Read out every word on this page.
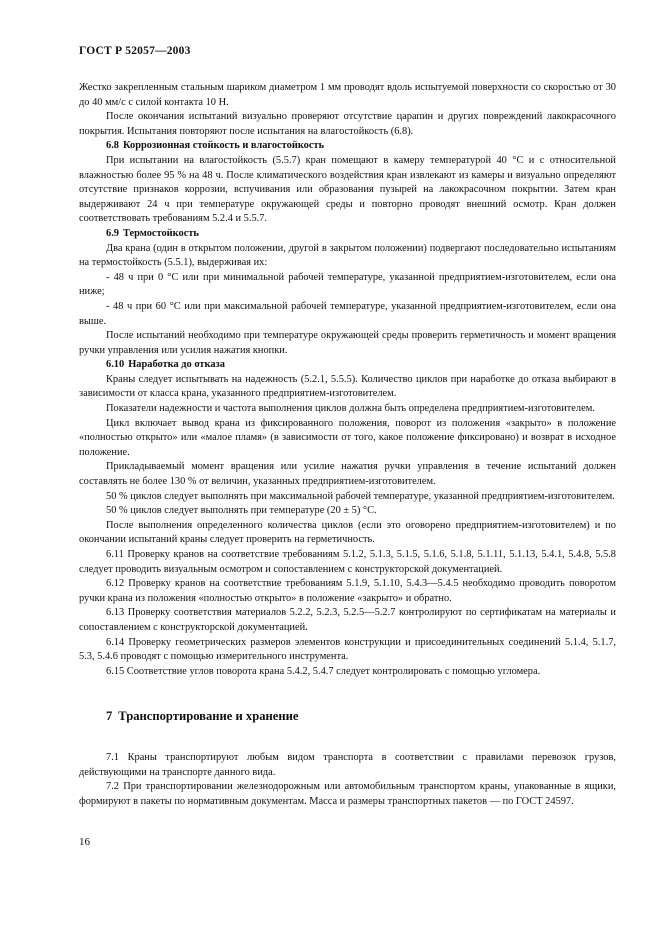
ГОСТ Р 52057—2003

Жестко закрепленным стальным шариком диаметром 1 мм проводят вдоль испытуемой поверхности со скоростью от 30 до 40 мм/с с силой контакта 10 Н.

После окончания испытаний визуально проверяют отсутствие царапин и других повреждений лакокрасочного покрытия. Испытания повторяют после испытания на влагостойкость (6.8).

6.8 Коррозионная стойкость и влагостойкость

При испытании на влагостойкость (5.5.7) кран помещают в камеру температурой 40 °С и с относительной влажностью более 95 % на 48 ч. После климатического воздействия кран извлекают из камеры и визуально определяют отсутствие признаков коррозии, вспучивания или образования пузырей на лакокрасочном покрытии. Затем кран выдерживают 24 ч при температуре окружающей среды и повторно проводят внешний осмотр. Кран должен соответствовать требованиям 5.2.4 и 5.5.7.

6.9 Термостойкость

Два крана (один в открытом положении, другой в закрытом положении) подвергают последовательно испытаниям на термостойкость (5.5.1), выдерживая их:

- 48 ч при 0 °С или при минимальной рабочей температуре, указанной предприятием-изготовителем, если она ниже;

- 48 ч при 60 °С или при максимальной рабочей температуре, указанной предприятием-изготовителем, если она выше.

После испытаний необходимо при температуре окружающей среды проверить герметичность и момент вращения ручки управления или усилия нажатия кнопки.

6.10 Наработка до отказа

Краны следует испытывать на надежность (5.2.1, 5.5.5). Количество циклов при наработке до отказа выбирают в зависимости от класса крана, указанного предприятием-изготовителем.

Показатели надежности и частота выполнения циклов должна быть определена предприятием-изготовителем.

Цикл включает вывод крана из фиксированного положения, поворот из положения «закрыто» в положение «полностью открыто» или «малое пламя» (в зависимости от того, какое положение фиксировано) и возврат в исходное положение.

Прикладываемый момент вращения или усилие нажатия ручки управления в течение испытаний должен составлять не более 130 % от величин, указанных предприятием-изготовителем.

50 % циклов следует выполнять при максимальной рабочей температуре, указанной предприятием-изготовителем.

50 % циклов следует выполнять при температуре (20 ± 5) °С.

После выполнения определенного количества циклов (если это оговорено предприятием-изготовителем) и по окончании испытаний краны следует проверить на герметичность.

6.11 Проверку кранов на соответствие требованиям 5.1.2, 5.1.3, 5.1.5, 5.1.6, 5.1.8, 5.1.11, 5.1.13, 5.4.1, 5.4.8, 5.5.8 следует проводить визуальным осмотром и сопоставлением с конструкторской документацией.

6.12 Проверку кранов на соответствие требованиям 5.1.9, 5.1.10, 5.4.3—5.4.5 необходимо проводить поворотом ручки крана из положения «полностью открыто» в положение «закрыто» и обратно.

6.13 Проверку соответствия материалов 5.2.2, 5.2.3, 5.2.5—5.2.7 контролируют по сертификатам на материалы и сопоставлением с конструкторской документацией.

6.14 Проверку геометрических размеров элементов конструкции и присоединительных соединений 5.1.4, 5.1.7, 5.3, 5.4.6 проводят с помощью измерительного инструмента.

6.15 Соответствие углов поворота крана 5.4.2, 5.4.7 следует контролировать с помощью угломера.

7 Транспортирование и хранение

7.1 Краны транспортируют любым видом транспорта в соответствии с правилами перевозок грузов, действующими на транспорте данного вида.

7.2 При транспортировании железнодорожным или автомобильным транспортом краны, упакованные в ящики, формируют в пакеты по нормативным документам. Масса и размеры транспортных пакетов — по ГОСТ 24597.

16
